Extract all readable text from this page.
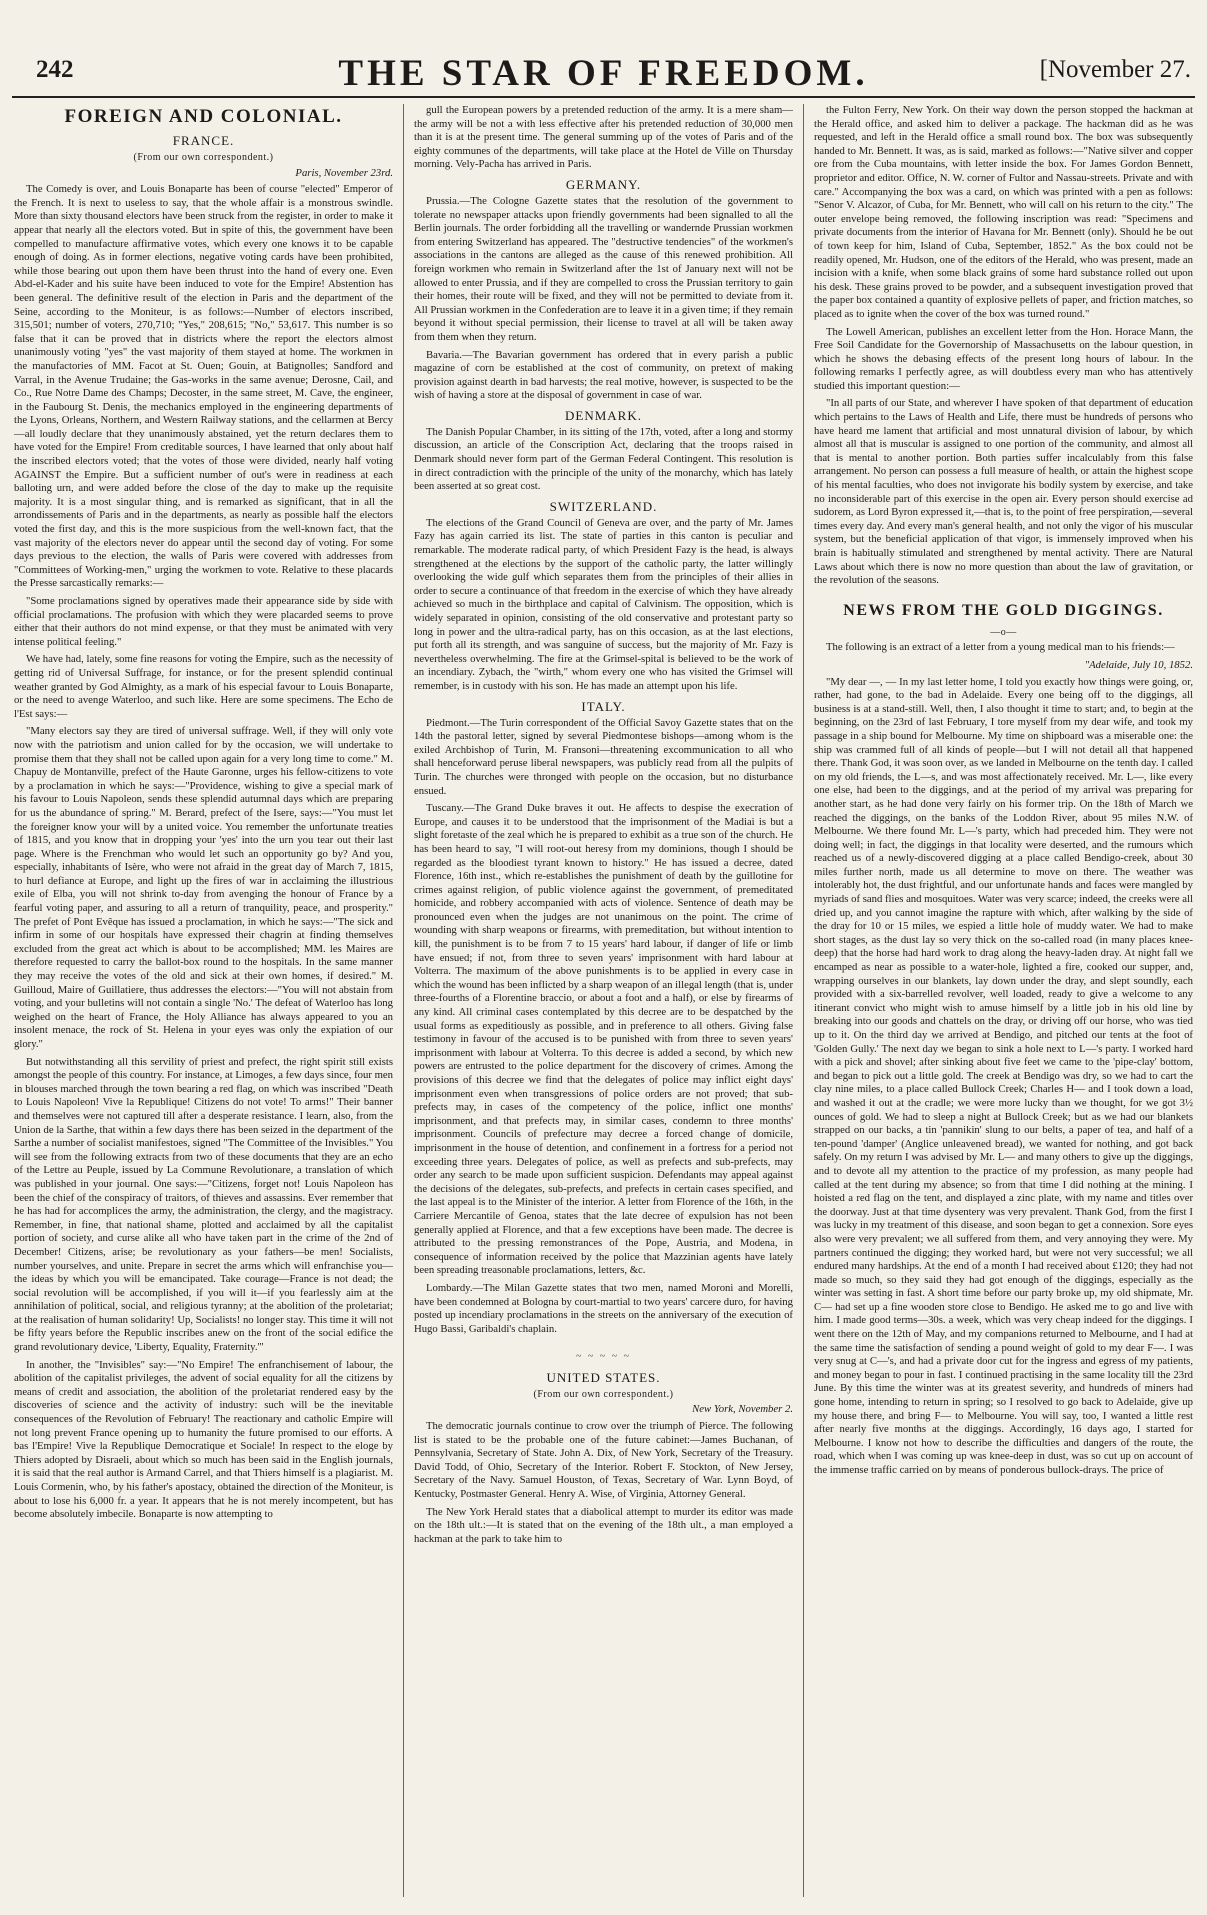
242	THE STAR OF FREEDOM.	[November 27.
FOREIGN AND COLONIAL.
FRANCE.
(From our own correspondent.)
Paris, November 23rd.

The Comedy is over, and Louis Bonaparte has been of course "elected" Emperor of the French. It is next to useless to say, that the whole affair is a monstrous swindle. More than sixty thousand electors have been struck from the register, in order to make it appear that nearly all the electors voted. But in spite of this, the government have been compelled to manufacture affirmative votes, which every one knows it to be capable enough of doing. As in former elections, negative voting cards have been prohibited, while those bearing out upon them have been thrust into the hand of every one. Even Abd-el-Kader and his suite have been induced to vote for the Empire! Abstention has been general. The definitive result of the election in Paris and the department of the Seine, according to the Moniteur, is as follows:—Number of electors inscribed, 315,501; number of voters, 270,710; "Yes," 208,615; "No," 53,617. This number is so false that it can be proved that in districts where the report the electors almost unanimously voting "yes" the vast majority of them stayed at home. The workmen in the manufactories of MM. Facot at St. Ouen; Gouin, at Batignolles; Sandford and Varral, in the Avenue Trudaine; the Gas-works in the same avenue; Derosne, Cail, and Co., Rue Notre Dame des Champs; Decoster, in the same street, M. Cave, the engineer, in the Faubourg St. Denis, the mechanics employed in the engineering departments of the Lyons, Orleans, Northern, and Western Railway stations, and the cellarmen at Bercy—all loudly declare that they unanimously abstained, yet the return declares them to have voted for the Empire! From creditable sources, I have learned that only about half the inscribed electors voted; that the votes of those were divided, nearly half voting AGAINST the Empire. But a sufficient number of out's were in readiness at each balloting urn, and were added before the close of the day to make up the requisite majority. It is a most singular thing, and is remarked as significant, that in all the arrondissements of Paris and in the departments, as nearly as possible half the electors voted the first day, and this is the more suspicious from the well-known fact, that the vast majority of the electors never do appear until the second day of voting. For some days previous to the election, the walls of Paris were covered with addresses from "Committees of Working-men," urging the workmen to vote. Relative to these placards the Presse sarcastically remarks:—

"Some proclamations signed by operatives made their appearance side by side with official proclamations. The profusion with which they were placarded seems to prove either that their authors do not mind expense, or that they must be animated with very intense political feeling."

We have had, lately, some fine reasons for voting the Empire, such as the necessity of getting rid of Universal Suffrage, for instance, or for the present splendid continual weather granted by God Almighty, as a mark of his especial favour to Louis Bonaparte, or the need to avenge Waterloo, and such like. Here are some specimens. The Echo de l'Est says:—

"Many electors say they are tired of universal suffrage. Well, if they will only vote now with the patriotism and union called for by the occasion, we will undertake to promise them that they shall not be called upon again for a very long time to come." M. Chapuy de Montanville, prefect of the Haute Garonne, urges his fellow-citizens to vote by a proclamation in which he says:—"Providence, wishing to give a special mark of his favour to Louis Napoleon, sends these splendid autumnal days which are preparing for us the abundance of spring." M. Berard, prefect of the Isere, says:—"You must let the foreigner know your will by a united voice. You remember the unfortunate treaties of 1815, and you know that in dropping your 'yes' into the urn you tear out their last page. Where is the Frenchman who would let such an opportunity go by? And you, especially, inhabitants of Isère, who were not afraid in the great day of March 7, 1815, to hurl defiance at Europe, and light up the fires of war in acclaiming the illustrious exile of Elba, you will not shrink to-day from avenging the honour of France by a fearful voting paper, and assuring to all a return of tranquility, peace, and prosperity." The prefet of Pont Evêque has issued a proclamation, in which he says:—"The sick and infirm in some of our hospitals have expressed their chagrin at finding themselves excluded from the great act which is about to be accomplished; MM. les Maires are therefore requested to carry the ballot-box round to the hospitals. In the same manner they may receive the votes of the old and sick at their own homes, if desired." M. Guilloud, Maire of Guillatiere, thus addresses the electors:—"You will not abstain from voting, and your bulletins will not contain a single 'No.' The defeat of Waterloo has long weighed on the heart of France, the Holy Alliance has always appeared to you an insolent menace, the rock of St. Helena in your eyes was only the expiation of our glory."

But notwithstanding all this servility of priest and prefect, the right spirit still exists amongst the people of this country. For instance, at Limoges, a few days since, four men in blouses marched through the town bearing a red flag, on which was inscribed "Death to Louis Napoleon! Vive la Republique! Citizens do not vote! To arms!" Their banner and themselves were not captured till after a desperate resistance. I learn, also, from the Union de la Sarthe, that within a few days there has been seized in the department of the Sarthe a number of socialist manifestoes, signed "The Committee of the Invisibles." You will see from the following extracts from two of these documents that they are an echo of the Lettre au Peuple, issued by La Commune Revolutionare, a translation of which was published in your journal. One says:—"Citizens, forget not! Louis Napoleon has been the chief of the conspiracy of traitors, of thieves and assassins. Ever remember that he has had for accomplices the army, the administration, the clergy, and the magistracy. Remember, in fine, that national shame, plotted and acclaimed by all the capitalist portion of society, and curse alike all who have taken part in the crime of the 2nd of December! Citizens, arise; be revolutionary as your fathers—be men! Socialists, number yourselves, and unite. Prepare in secret the arms which will enfranchise you—the ideas by which you will be emancipated. Take courage—France is not dead; the social revolution will be accomplished, if you will it—if you fearlessly aim at the annihilation of political, social, and religious tyranny; at the abolition of the proletariat; at the realisation of human solidarity! Up, Socialists! no longer stay. This time it will not be fifty years before the Republic inscribes anew on the front of the social edifice the grand revolutionary device, 'Liberty, Equality, Fraternity.'"

In another, the "Invisibles" say:—"No Empire! The enfranchisement of labour, the abolition of the capitalist privileges, the advent of social equality for all the citizens by means of credit and association, the abolition of the proletariat rendered easy by the discoveries of science and the activity of industry: such will be the inevitable consequences of the Revolution of February! The reactionary and catholic Empire will not long prevent France opening up to humanity the future promised to our efforts. A bas l'Empire! Vive la Republique Democratique et Sociale! In respect to the eloge by Thiers adopted by Disraeli, about which so much has been said in the English journals, it is said that the real author is Armand Carrel, and that Thiers himself is a plagiarist. M. Louis Cormenin, who, by his father's apostacy, obtained the direction of the Moniteur, is about to lose his 6,000 fr. a year. It appears that he is not merely incompetent, but has become absolutely imbecile. Bonaparte is now attempting to

gull the European powers by a pretended reduction of the army. It is a mere sham—the army will be not a with less effective after his pretended reduction of 30,000 men than it is at the present time. The general summing up of the votes of Paris and of the eighty communes of the departments, will take place at the Hotel de Ville on Thursday morning. Vely-Pacha has arrived in Paris.

GERMANY.

Prussia.—The Cologne Gazette states that the resolution of the government to tolerate no newspaper attacks upon friendly governments had been signalled to all the Berlin journals. The order forbidding all the travelling or wandernde Prussian workmen from entering Switzerland has appeared. The "destructive tendencies" of the workmen's associations in the cantons are alleged as the cause of this renewed prohibition. All foreign workmen who remain in Switzerland after the 1st of January next will not be allowed to enter Prussia, and if they are compelled to cross the Prussian territory to gain their homes, their route will be fixed, and they will not be permitted to deviate from it. All Prussian workmen in the Confederation are to leave it in a given time; if they remain beyond it without special permission, their license to travel at all will be taken away from them when they return.

Bavaria.—The Bavarian government has ordered that in every parish a public magazine of corn be established at the cost of community, on pretext of making provision against dearth in bad harvests; the real motive, however, is suspected to be the wish of having a store at the disposal of government in case of war.

DENMARK.

The Danish Popular Chamber, in its sitting of the 17th, voted, after a long and stormy discussion, an article of the Conscription Act, declaring that the troops raised in Denmark should never form part of the German Federal Contingent. This resolution is in direct contradiction with the principle of the unity of the monarchy, which has lately been asserted at so great cost.

SWITZERLAND.

The elections of the Grand Council of Geneva are over, and the party of Mr. James Fazy has again carried its list. The state of parties in this canton is peculiar and remarkable. The moderate radical party, of which President Fazy is the head, is always strengthened at the elections by the support of the catholic party, the latter willingly overlooking the wide gulf which separates them from the principles of their allies in order to secure a continuance of that freedom in the exercise of which they have already achieved so much in the birthplace and capital of Calvinism. The opposition, which is widely separated in opinion, consisting of the old conservative and protestant party so long in power and the ultra-radical party, has on this occasion, as at the last elections, put forth all its strength, and was sanguine of success, but the majority of Mr. Fazy is nevertheless overwhelming. The fire at the Grimsel-spital is believed to be the work of an incendiary. Zybach, the "wirth," whom every one who has visited the Grimsel will remember, is in custody with his son. He has made an attempt upon his life.

ITALY.

Piedmont.—The Turin correspondent of the Official Savoy Gazette states that on the 14th the pastoral letter, signed by several Piedmontese bishops—among whom is the exiled Archbishop of Turin, M. Fransoni—threatening excommunication to all who shall henceforward peruse liberal newspapers, was publicly read from all the pulpits of Turin. The churches were thronged with people on the occasion, but no disturbance ensued.

Tuscany.—The Grand Duke braves it out. He affects to despise the execration of Europe, and causes it to be understood that the imprisonment of the Madiai is but a slight foretaste of the zeal which he is prepared to exhibit as a true son of the church. He has been heard to say, "I will root-out heresy from my dominions, though I should be regarded as the bloodiest tyrant known to history." He has issued a decree, dated Florence, 16th inst., which re-establishes the punishment of death by the guillotine for crimes against religion, of public violence against the government, of premeditated homicide, and robbery accompanied with acts of violence. Sentence of death may be pronounced even when the judges are not unanimous on the point. The crime of wounding with sharp weapons or firearms, with premeditation, but without intention to kill, the punishment is to be from 7 to 15 years' hard labour, if danger of life or limb have ensued; if not, from three to seven years' imprisonment with hard labour at Volterra. The maximum of the above punishments is to be applied in every case in which the wound has been inflicted by a sharp weapon of an illegal length (that is, under three-fourths of a Florentine braccio, or about a foot and a half), or else by firearms of any kind. All criminal cases contemplated by this decree are to be despatched by the usual forms as expeditiously as possible, and in preference to all others. Giving false testimony in favour of the accused is to be punished with from three to seven years' imprisonment with labour at Volterra. To this decree is added a second, by which new powers are entrusted to the police department for the discovery of crimes. Among the provisions of this decree we find that the delegates of police may inflict eight days' imprisonment even when transgressions of police orders are not proved; that sub-prefects may, in cases of the competency of the police, inflict one months' imprisonment, and that prefects may, in similar cases, condemn to three months' imprisonment. Councils of prefecture may decree a forced change of domicile, imprisonment in the house of detention, and confinement in a fortress for a period not exceeding three years. Delegates of police, as well as prefects and sub-prefects, may order any search to be made upon sufficient suspicion. Defendants may appeal against the decisions of the delegates, sub-prefects, and prefects in certain cases specified, and the last appeal is to the Minister of the interior. A letter from Florence of the 16th, in the Carriere Mercantile of Genoa, states that the late decree of expulsion has not been generally applied at Florence, and that a few exceptions have been made. The decree is attributed to the pressing remonstrances of the Pope, Austria, and Modena, in consequence of information received by the police that Mazzinian agents have lately been spreading treasonable proclamations, letters, &c.

Lombardy.—The Milan Gazette states that two men, named Moroni and Morelli, have been condemned at Bologna by court-martial to two years' carcere duro, for having posted up incendiary proclamations in the streets on the anniversary of the execution of Hugo Bassi, Garibaldi's chaplain.

~ ~ ~ ~ ~
UNITED STATES.
(From our own correspondent.)
New York, November 2.

The democratic journals continue to crow over the triumph of Pierce. The following list is stated to be the probable one of the future cabinet:—James Buchanan, of Pennsylvania, Secretary of State. John A. Dix, of New York, Secretary of the Treasury. David Todd, of Ohio, Secretary of the Interior. Robert F. Stockton, of New Jersey, Secretary of the Navy. Samuel Houston, of Texas, Secretary of War. Lynn Boyd, of Kentucky, Postmaster General. Henry A. Wise, of Virginia, Attorney General.

The New York Herald states that a diabolical attempt to murder its editor was made on the 18th ult.:—It is stated that on the evening of the 18th ult., a man employed a hackman at the park to take him to

the Fulton Ferry, New York. On their way down the person stopped the hackman at the Herald office, and asked him to deliver a package. The hackman did as he was requested, and left in the Herald office a small round box. The box was subsequently handed to Mr. Bennett. It was, as is said, marked as follows:—"Native silver and copper ore from the Cuba mountains, with letter inside the box. For James Gordon Bennett, proprietor and editor. Office, N. W. corner of Fultor and Nassau-streets. Private and with care." Accompanying the box was a card, on which was printed with a pen as follows: "Senor V. Alcazor, of Cuba, for Mr. Bennett, who will call on his return to the city." The outer envelope being removed, the following inscription was read: "Specimens and private documents from the interior of Havana for Mr. Bennett (only). Should he be out of town keep for him, Island of Cuba, September, 1852." As the box could not be readily opened, Mr. Hudson, one of the editors of the Herald, who was present, made an incision with a knife, when some black grains of some hard substance rolled out upon his desk. These grains proved to be powder, and a subsequent investigation proved that the paper box contained a quantity of explosive pellets of paper, and friction matches, so placed as to ignite when the cover of the box was turned round."

The Lowell American, publishes an excellent letter from the Hon. Horace Mann, the Free Soil Candidate for the Governorship of Massachusetts on the labour question, in which he shows the debasing effects of the present long hours of labour. In the following remarks I perfectly agree, as will doubtless every man who has attentively studied this important question:—

"In all parts of our State, and wherever I have spoken of that department of education which pertains to the Laws of Health and Life, there must be hundreds of persons who have heard me lament that artificial and most unnatural division of labour, by which almost all that is muscular is assigned to one portion of the community, and almost all that is mental to another portion. Both parties suffer incalculably from this false arrangement. No person can possess a full measure of health, or attain the highest scope of his mental faculties, who does not invigorate his bodily system by exercise, and take no inconsiderable part of this exercise in the open air. Every person should exercise ad sudorem, as Lord Byron expressed it,—that is, to the point of free perspiration,—several times every day. And every man's general health, and not only the vigor of his muscular system, but the beneficial application of that vigor, is immensely improved when his brain is habitually stimulated and strengthened by mental activity. There are Natural Laws about which there is now no more question than about the law of gravitation, or the revolution of the seasons.

NEWS FROM THE GOLD DIGGINGS.
—o—

The following is an extract of a letter from a young medical man to his friends:—

"Adelaide, July 10, 1852.

"My dear —, — In my last letter home, I told you exactly how things were going, or, rather, had gone, to the bad in Adelaide. Every one being off to the diggings, all business is at a stand-still. Well, then, I also thought it time to start; and, to begin at the beginning, on the 23rd of last February, I tore myself from my dear wife, and took my passage in a ship bound for Melbourne. My time on shipboard was a miserable one: the ship was crammed full of all kinds of people—but I will not detail all that happened there. Thank God, it was soon over, as we landed in Melbourne on the tenth day. I called on my old friends, the L—s, and was most affectionately received. Mr. L—, like every one else, had been to the diggings, and at the period of my arrival was preparing for another start, as he had done very fairly on his former trip. On the 18th of March we reached the diggings, on the banks of the Loddon River, about 95 miles N.W. of Melbourne. We there found Mr. L—'s party, which had preceded him. They were not doing well; in fact, the diggings in that locality were deserted, and the rumours which reached us of a newly-discovered digging at a place called Bendigo-creek, about 30 miles further north, made us all determine to move on there. The weather was intolerably hot, the dust frightful, and our unfortunate hands and faces were mangled by myriads of sand flies and mosquitoes. Water was very scarce; indeed, the creeks were all dried up, and you cannot imagine the rapture with which, after walking by the side of the dray for 10 or 15 miles, we espied a little hole of muddy water. We had to make short stages, as the dust lay so very thick on the so-called road (in many places knee-deep) that the horse had hard work to drag along the heavy-laden dray. At night fall we encamped as near as possible to a water-hole, lighted a fire, cooked our supper, and, wrapping ourselves in our blankets, lay down under the dray, and slept soundly, each provided with a six-barrelled revolver, well loaded, ready to give a welcome to any itinerant convict who might wish to amuse himself by a little job in his old line by breaking into our goods and chattels on the dray, or driving off our horse, who was tied up to it. On the third day we arrived at Bendigo, and pitched our tents at the foot of 'Golden Gully.' The next day we began to sink a hole next to L—'s party. I worked hard with a pick and shovel; after sinking about five feet we came to the 'pipe-clay' bottom, and began to pick out a little gold. The creek at Bendigo was dry, so we had to cart the clay nine miles, to a place called Bullock Creek; Charles H— and I took down a load, and washed it out at the cradle; we were more lucky than we thought, for we got 3½ ounces of gold. We had to sleep a night at Bullock Creek; but as we had our blankets strapped on our backs, a tin 'pannikin' slung to our belts, a paper of tea, and half of a ten-pound 'damper' (Anglice unleavened bread), we wanted for nothing, and got back safely. On my return I was advised by Mr. L— and many others to give up the diggings, and to devote all my attention to the practice of my profession, as many people had called at the tent during my absence; so from that time I did nothing at the mining. I hoisted a red flag on the tent, and displayed a zinc plate, with my name and titles over the doorway. Just at that time dysentery was very prevalent. Thank God, from the first I was lucky in my treatment of this disease, and soon began to get a connexion. Sore eyes also were very prevalent; we all suffered from them, and very annoying they were. My partners continued the digging; they worked hard, but were not very successful; we all endured many hardships. At the end of a month I had received about £120; they had not made so much, so they said they had got enough of the diggings, especially as the winter was setting in fast. A short time before our party broke up, my old shipmate, Mr. C— had set up a fine wooden store close to Bendigo. He asked me to go and live with him. I made good terms—30s. a week, which was very cheap indeed for the diggings. I went there on the 12th of May, and my companions returned to Melbourne, and I had at the same time the satisfaction of sending a pound weight of gold to my dear F—. I was very snug at C—'s, and had a private door cut for the ingress and egress of my patients, and money began to pour in fast. I continued practising in the same locality till the 23rd June. By this time the winter was at its greatest severity, and hundreds of miners had gone home, intending to return in spring; so I resolved to go back to Adelaide, give up my house there, and bring F— to Melbourne. You will say, too, I wanted a little rest after nearly five months at the diggings. Accordingly, 16 days ago, I started for Melbourne. I know not how to describe the difficulties and dangers of the route, the road, which when I was coming up was knee-deep in dust, was so cut up on account of the immense traffic carried on by means of ponderous bullock-drays. The price of
